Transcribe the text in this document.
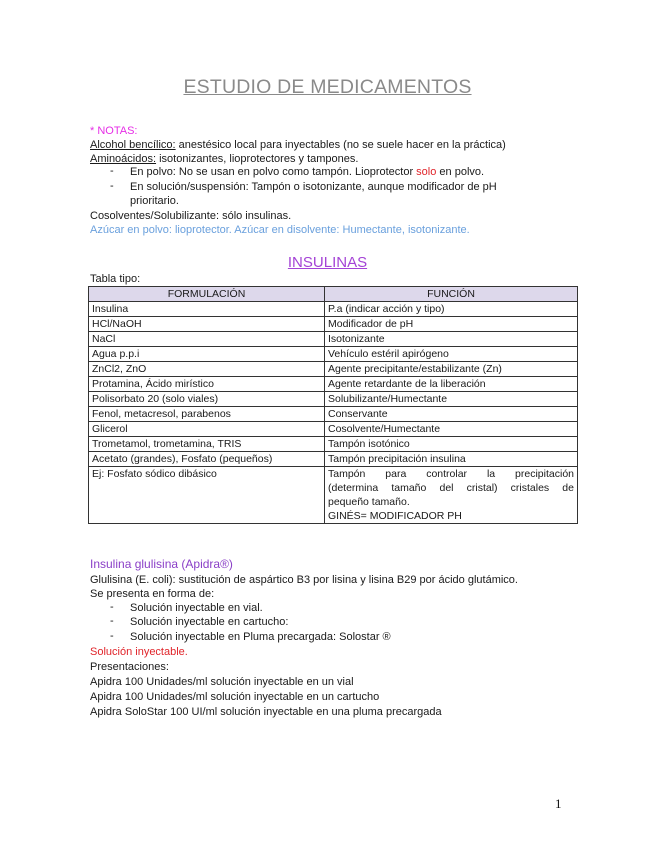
ESTUDIO DE MEDICAMENTOS
* NOTAS:
Alcohol bencílico: anestésico local para inyectables (no se suele hacer en la práctica)
Aminoácidos: isotonizantes, lioprotectores y tampones.
- En polvo: No se usan en polvo como tampón. Lioprotector solo en polvo.
- En solución/suspensión: Tampón o isotonizante, aunque modificador de pH
prioritario.
Cosolventes/Solubilizante: sólo insulinas.
Azúcar en polvo: lioprotector. Azúcar en disolvente: Humectante, isotonizante.
INSULINAS
Tabla tipo:
FORMULACIÓN	FUNCIÓN
Insulina	P.a (indicar acción y tipo)
HCl/NaOH	Modificador de pH
NaCl	Isotonizante
Agua p.p.i	Vehículo estéril apirógeno
ZnCl2, ZnO	Agente precipitante/estabilizante (Zn)
Protamina, Ácido mirístico	Agente retardante de la liberación
Polisorbato 20 (solo viales)	Solubilizante/Humectante
Fenol, metacresol, parabenos	Conservante
Glicerol	Cosolvente/Humectante
Trometamol, trometamina, TRIS	Tampón isotónico
Acetato (grandes), Fosfato (pequeños)	Tampón precipitación insulina
Ej: Fosfato sódico dibásico	Tampón para controlar la precipitación
(determina tamaño del cristal) cristales de
pequeño tamaño.
GINÉS= MODIFICADOR PH
Insulina glulisina (Apidra®)
Glulisina (E. coli): sustitución de aspártico B3 por lisina y lisina B29 por ácido glutámico.
Se presenta en forma de:
- Solución inyectable en vial.
- Solución inyectable en cartucho:
- Solución inyectable en Pluma precargada: Solostar ®
Solución inyectable.
Presentaciones:
Apidra 100 Unidades/ml solución inyectable en un vial
Apidra 100 Unidades/ml solución inyectable en un cartucho
Apidra SoloStar 100 UI/ml solución inyectable en una pluma precargada
1
